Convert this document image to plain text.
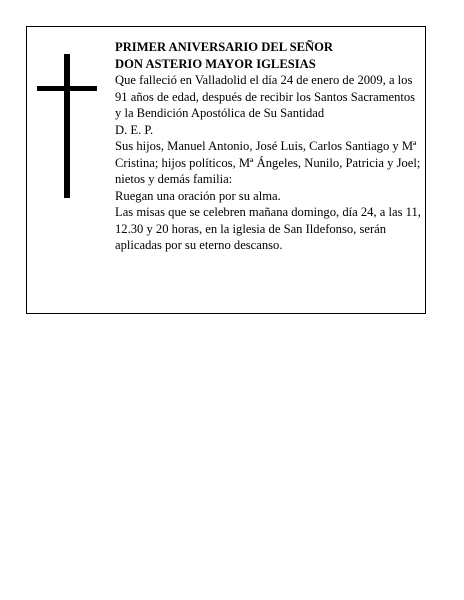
PRIMER ANIVERSARIO DEL SEÑOR

DON ASTERIO MAYOR IGLESIAS

Que falleció en Valladolid el día 24 de enero de 2009, a los 91 años de edad, después de recibir los Santos Sacramentos y la Bendición Apostólica de Su Santidad

D. E. P.

Sus hijos, Manuel Antonio, José Luis, Carlos Santiago y Mª Cristina; hijos políticos, Mª Ángeles, Nunilo, Patricia y Joel; nietos y demás familia:

Ruegan una oración por su alma.

Las misas que se celebren mañana domingo, día 24, a las 11, 12.30 y 20 horas, en la iglesia de San Ildefonso, serán aplicadas por su eterno descanso.
